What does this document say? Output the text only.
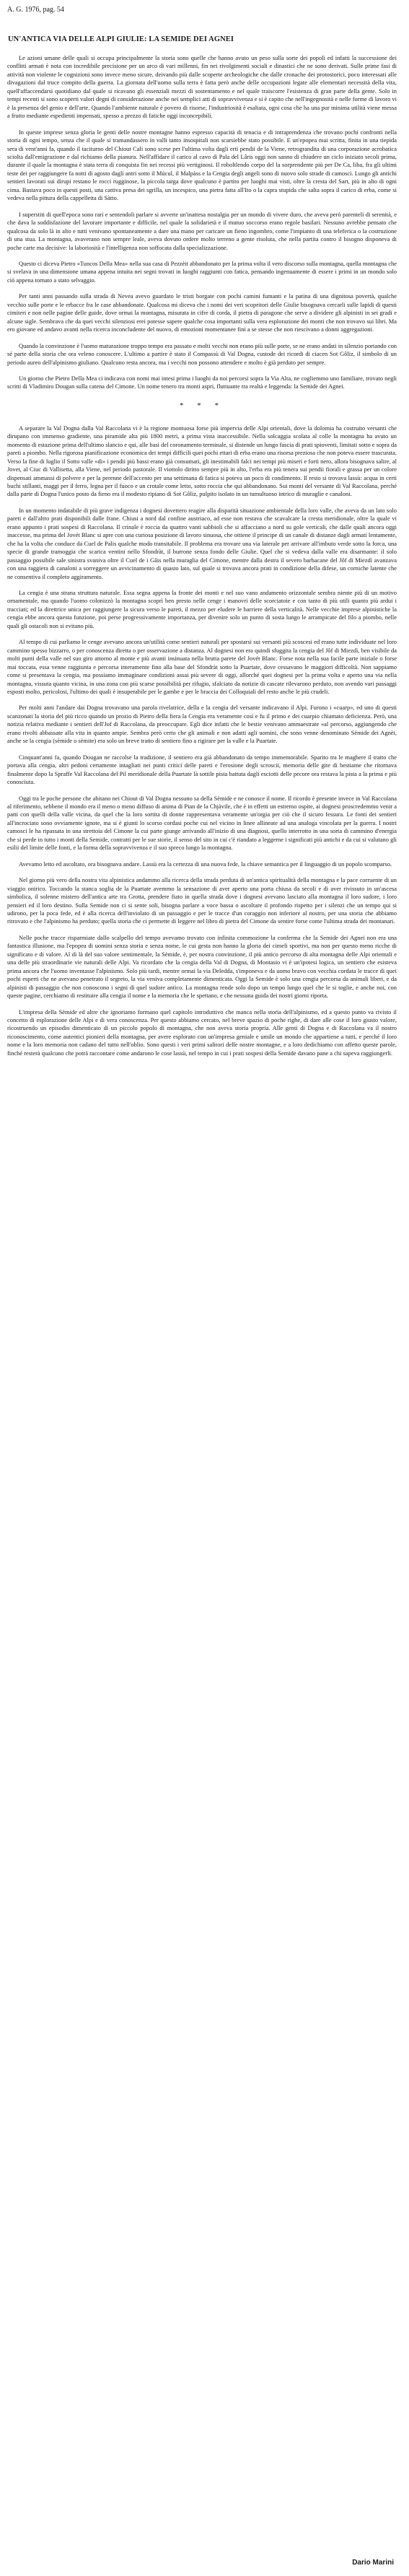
A. G. 1976, pag. 54
UN'ANTICA VIA DELLE ALPI GIULIE: LA SEMIDE DEI AGNEI

Le azioni umane delle quali si occupa principalmente la storia sono quelle che hanno avuto un peso sulla sorte dei popoli ed infatti la successione dei conflitti armati è nota con incredibile precisione per un arco di vari millenni, fin nei rivolgimenti sociali e dinastici che ne sono derivati. Sulle prime fasi di attività non violente le cognizioni sono invece meno sicure, deivando più dalle scoperte archeologiche che dalle cronache dei protostorici, poco interessati alle divagazioni dal truce compito della guerra. La giornata dell'uomo sulla terra è fatta però anche delle occupazioni legate alle elementari necessità della vita, quell'affaccendarsi quotidiano dal quale si ricavano gli essenziali mezzi di sostentamento e nel quale traiscorre l'esistenza di gran parte della gente. Solo in tempi recenti si sono scoperti valori degni di considerazione anche nei semplici atti di sopravvivenza e si è capito che nell'ingegnosità e nelle forme di lavoro vi è la presenza del genio e dell'arte. Quando l'ambiente naturale è povero di risorse, l'industriosità è esaltata, ogni cosa che ha una pur minima utilità viene messa a frutto mediante espedienti impensati, spesso a prezzo di fatiche oggi inconcepibili.

In queste imprese senza gloria le genti delle nostre montagne hanno espresso capacità di tenacia e di intraprendenza che trovano pochi confronti nella storia di ogni tempo, senza che il quale si tramandassero in valli tanto insospitali non scarsiebbe stato possibile. E un'epopea mai scritta, finita in una tiepida sera di vent'anni fa, quando il taciturno del Chiout Cali sono scese per l'ultima volta dagli erti pendii de la Viene, retrograndita di una corporazione acrobatica sciolta dall'emigrazione e dal richiamo della pianura. Nell'affidare il carico al cavo di Pala del Lâris oggi non sanno di chiudere un ciclo iniziato secoli prima, durante il quale la montagna è stata terra di conquista fin nei recessi più vertiginosi. Il roboltlendo corpo del la sorprendente più per De Ca, liba, fra gli ultimi teste dei per raggiungere fa notti di agosto dagli antri sotto il Múcul, il Malpàss e la Cengia degli angeli sono di nuovo solo strade di camosci. Lungo gli antichi sentieri lavorati sui dirupi restano le rocci rugginose, la piccola targa dove qualcuno è partito per luoghi mai visti, oltre la cresta del Sart, più in alto di ogni cima. Bastava poco in questi posti, una cattiva presa dei sgrilla, un incespico, una pietra fatta all'Ito o la capra stupida che salta sopra il carico di erba, come si vedeva nella pittura della cappelletta di Sàtto.

I superstiti di quell'epoca sono rari e sentendoli parlare si avverte un'inattesa nostalgia per un mondo di vivere duro, che aveva però parenteli di serenità, e che dava la soddisfazione del lavorare importante e difficile, nel quale la solidarietà e il mutuo soccorso erano regole basilari. Nessuno avrebbe pensato che qualcosa da solo là in alto e tutti venivano spontaneamente a dare una mano per caricare un fieno ingombro, come l'impianto di una teleferica o la costruzione di una stua. La montagna, avaverano non sempre leale, aveva dovuto ordere molto terreno a gente risoluta, che nella partita contro il bisogno disponeva di poche carte ma decisive: la laboriosità e l'intelligenza non soffocata dalla specializzazione.

Questo ci diceva Pietro «Tuncos Della Mea» nella sua casa di Pezzèit abbandonato per la prima volta il vero discorso sulla montagna, quella montagna che si svelava in una dimensione umana appena intuita nei segni trovati in luoghi raggiunti con fatica, pensando ingenuamente di essere i primi in un mondo solo ciò appena tornato a stato selvaggio.

Per tanti anni passando sulla strada di Nevea avevo guardato le tristi borgate con pochi camini fumanti e la patina di una dignitosa povertà, qualche vecchio sulle porte e le erbacce fra le case abbandonate. Qualcosa mi diceva che i nomi dei veri scopritori delle Giulie bisognava cercarli sulle lapidi di questi cimiteri e non nelle pagine delle guide, dove ormai la montagna, misurata in cifre di corda, il pietra di paragone che serve a dividere gli alpinisti in sei gradi e alcune sigle. Sembrava che da quei vecchi silenziosi erei potesse sapere qualche cosa importanti sulla vera esplorazione dei monti che non trovavo sui libri. Ma ero giovane ed andavo avanti nella ricerca inconcludente del nuovo, di emozioni momentanee fini a se stesse che non riescivano a donni aggregazioni.

Quando la convinzione è l'uomo maturazione troppo tempo era passato e molti vecchi non erano più sulle porte, se ne erano andati in silenzio portando con sé parte della storia che ora veleno conoscere. L'ultimo a partire è stato il Compassù di Val Dogna, custode dei ricordi di ciacen Sot Gôliz, il simbolo di un periodo aureo dell'alpinismo giuliano. Qualcuno resta ancora, ma i vecchi non possono attendere e molto è già perduto per sempre.

Un giorno che Pietro Della Mea ci indicava con nomi mai intesi prima i luoghi da noi percorsi sopra la Via Alta, ne cogliemmo uno familiare, trovato negli scritti di Vladimiro Dougan sulla catena del Cimone. Un nome tenero tra monti aspri, fluttuante tra realtà e leggenda: la Semide dei Agnei.

* * *

A separare la Val Dogna dalla Val Raccolana vi è la regione montuosa forse più impervia delle Alpi orientali, dove la dolomia ha costruito versanti che dirupano con immenso gradiente, una piramide alta più 1800 metri, a prima vista inaccessibile. Nella solcaggia scolata al colle la montagna ha avuto un momento di estazione prima dell'ultimo slancio e qui, alle basi del coronamento terminale, si distende un lungo fascia di prati spioventi, limitati sotto e sopra da pareti a piombo. Nella rigorosa pianificazione economica dei tempi difficili quei pochi ettari di erba erano una risorsa preziosa che non poteva essere trascurata. Verso la fine di luglio il Sotto valle «di» i pendii più bassi erano già consumati, gli inestimabili falci nei tempi più miseri e forti nero, allora bisognava salire, al Jovet, al Ciuc di Vallisetta, alla Viene, nel periodo pastorale. Il viottolo diritto sempre più in alto, l'erba era più tenera sui pendii fiorali e grassa per un colore dispensati ammassi di polvere e per la perenne dell'accento per una settimana di fatica si poteva un poco di condimento. Il resto si trovava lassù: acqua in certi buchi stillanti, maggi per il ferro, legna per il fuoco e un crotale come letto, sotto roccia che qui abbandonano. Sui monti del versante di Val Raccolana, perché dalla parte di Dogna l'unico posto da fieno era il modesto ripiano di Sot Gôliz, pulpito isolato in un tumultuoso intrico di muraglie e canaloni.

In un momento indatabile di più grave indigenza i dognesi dovettero reagire alla disparità situazione ambientale della loro valle, che aveva da un lato solo pareti e dall'altro prati disponibili dalle frane. Chiusi a nord dal confine austriaco, ad esse non restava che scavalcare la cresta meridionale, oltre la quale vi erano appunto i prati sospesi di Raccolana. Il crinale è roccia da quattro vanti sabbioli che si affacciano a nord su gole verticali, che dalle quali ancora oggi inaccesse, ma prima del Jovét Blanc si apre con una curiosa posizione di lavoro sinuosa, che ottiene il principe di un canale di distanze dagli armati lentamente, che ha la volta che conduce da Cuel de Palis qualche modo transitabile. Il problema era trovare una via laterale per arrivare all'imbuto verde sotto la forca, una specie di grande tramoggia che scarica ventini nello Sfondràt, il burrone senza fondo delle Giulie. Quel che si vedeva dalla valle era disarmante: il solo passaggio possibile sale sinistra svaniva oltre il Cuel de i Gâis nella muraglia del Cimone, mentre dalla destra il severo barbacane del Jôf di Miezdì avanzava con una raggiera di canaloni a sorreggere un avvicinamento di quasto lato, sul quale si trovava ancora prati in condizione della difese, un corniche latente che ne consentiva il completo aggiramento.

La cengia è una strana struttura naturale. Essa segna appena la fronte dei monti e nel suo vano andamento orizzontale sembra niente più di un motivo ornamentale, ma quando l'uomo colonizzò la montagna scoprì ben presto nelle cenge i manovri delle scorciatoie e con tanto di più utili quanto più ardui i tracciati; ed la direttrice unica per raggiungere la sicura verso le pareti, il mezzo per eludere le barriere della verticalità. Nelle vecchie imprese alpinistiche la cengia ebbe ancora questa funzione, poi perse progressivamente importanza, per divenire solo un punto di sosta lungo le arrampicate del filo a piombo, nelle quali gli ostacoli non si evitano più.

Al tempo di cui parliamo le cenge avevano ancora un'utilità come sentieri naturali per spostarsi sui versanti più scoscesi ed erano tutte individuate nel loro cammino spesso bizzarro, o per conoscenza diretta o per osservazione a distanza. Al dognesi non era quindi sfuggita la cengia del Jôf di Miezdì, ben visibile da molti punti della valle nel suo giro attorno al monte e più avanti insinuata nella brutta parete del Jovét Blanc. Forse nota nella sua facile parte iniziale o forse mai toccata, essa venne raggiunta e percorsa interamente fino alla base del Sfondràt sotto la Puartate, dove cessavano le maggiori difficoltà. Non sappiamo come si presentava la cengia, ma possiamo immaginare condizioni assai più severe di oggi, allorché quei dognesi per la prima volta e aperto una via nella montagna, vissuta quanto vicina, in una zona con più scarse possibilità per rifugio, sfalciato da notizie di cascate rilevarono perduto, non avendo vari passaggi esposti molto, pericolosi, l'ultimo dei quali è insuperabile per le gambe e per le braccia dei Colloquiali del resto anche le più crudeli.

Per molti anni l'andare dai Dogna trovavano una parola rivelatrice, della e la cengia del versante indicavano il Alpi. Furono i «cuarp», ed uno di questi scanzonati la storia del più ricco quando un prozio di Pietro della fiera la Cengia era veramente così e fu il primo e dei cuarpio chiamato deficienza. Però, una notizia relativa mediante i sentieri dell'Jof di Raccolana, da preoccupare. Egli dice infatti che le bestie venivano ammaestrate «al percorso, aggiungendo che erano rivolti abbassate alla vita in quanto ampie. Sembra però certo che gli animali e non adatti agli uomini, che sono venne denominato Sèmide dei Agnèi, anche se la cengia (sèmide o sèmite) era solo un breve tratto di sentiero fino a rigirare per la valle e la Puartate.

Cinquant'anni fa, quando Dougan ne raccolse la tradizione, il sentiero era già abbandonato da tempo immemorabile. Sparito tra le maghere il tratto che portava alla cengia, altri pedoni certamente intagliati nei punti critici delle pareti e l'erosione degli scroscii, memoria delle gite di bestiame che ritornava finalmente dopo la Spraffe Val Raccolana del Pil meridionale della Puartate là sottile pista battuta dagli esciotti delle pecore ora restava la pista a la prima e più conosciuta.

Oggi tra le poche persone che abitano nei Chiout di Val Dogna nessuno sa della Sèmide e ne conosce il nome. Il ricordo è presente invece in Val Raccolana al riferimento, sebbene il mondo era il meno o meno diffuso di anima di Pian de la Chjàvile, che è in effetti un estremo ospite, ai dognesi proscredemmo venir a patti con quelli della valle vicina, da quel che la loro sortita di donne rappresentava veramente un'orgia per ciò che il sicuro fessura. Le fonti dei sentieri all'incrociato sono ovviamente ignote, ma si è giunti lo scorso cordasi poche cui nel vicino in linee allineate ad una analoga vincolata per la guerra. I nostri camosci le ha ripassata in una strettoia del Cimone la cui parte giunge arrivando all'inizio di una diagnosi, quello interrotto in una sorta di cammino d'energia che si perde in tutto i monti della Semide, contratti per le sue storie, il senso del sito in cui c'è riandato a leggerne i significati più antichi e da cui si valutano gli esilii del limite delle fonti, e la forma della sopravvivenza e il suo spreco lungo la montagna.

Avevamo letto ed ascoltato, ora bisognava andare. Lassù era la certezza di una nuova fede, la chiave semantica per il linguaggio di un popolo scomparso.

Nel giorno più vero della nostra vita alpinistica andammo alla ricerca della strada perduta di un'antica spiritualità della montagna e la pace corruente di un viaggio onirico. Toccando la stanca soglia de la Puartate avemmo la sensazione di aver aperto una porta chiusa da secoli e di aver rivissuto in un'ascesa simbolica, il solenne mistero dell'antica arte tra Grotta, prendere fiato in quella strada dove i dognesi avevano lasciato alla montagna il loro sudore, i loro pensieri ed il loro destino. Sulla Semide non ci si sente soli, bisogna parlare a voce bassa o ascoltare il profondo rispetto per i silenzi che un tempo qui si udirono, per la poca fede, ed è alla ricerca dell'inviolato di un passaggio e per le tracce d'un coraggio non inferiore al nostro, per una storia che abbiamo ritrovato e che l'alpinismo ha perduto; quella storia che ci permette di leggere nel libro di pietra del Cimone da sentire forse come l'ultima strada dei montanari.

Nelle poche tracce risparmiate dallo scalpello del tempo avevamo trovato con infinita commozione la conferma che la Semide dei Agnei non era una fantastica illusione, ma l'epopea di uomini senza storia e senza nome, le cui gesta non hanno la gloria dei cimeli sportivi, ma non per questo meno ricche di significato e di valore. Al di là del suo valore sentimentale, la Sèmide, è, per nostra convinzione, il più antico percorso di alta montagna delle Alpi orientali e una delle più straordinarie vie naturali delle Alpi. Va ricordato che la cengia della Val di Dogna, di Montasio vi è un'ipotesi logica, un sentiero che esisteva prima ancora che l'uomo inventasse l'alpinismo. Solo più tardi, mentre ormai la via Deledda, s'imponeva e da uomo bravo con vecchia cordata le tracce di quei pochi esperti che ne avevano penetrato il segreto, la via veniva completamente dimenticata. Oggi la Semide è solo una cengia percorsa da animali liberi, e da alpinisti di passaggio che non conoscono i segni di quel sudore antico. La montagna rende solo dopo un tempo lungo quel che le si toglie, e anche noi, con queste pagine, cerchiamo di restituire alla cengia il nome e la memoria che le spettano, e che nessuna guida dei nostri giorni riporta.

L'impresa della Sèmide ed altre che ignoriamo formano quel capitolo introduttivo che manca nella storia dell'alpinismo, ed a questo punto va rivisto il concetto di esplorazione delle Alpi e di vera conoscenza. Per questo abbiamo cercato, nel breve spazio di poche righe, di dare alle cose il loro giusto valore, ricostruendo un episodio dimenticato di un piccolo popolo di montagna, che non aveva storia propria. Alle genti di Dogna e di Raccolana va il nostro riconoscimento, come autentici pionieri della montagna, per avere esplorato con un'impresa geniale e umile un mondo che appartiene a tutti, e perché il loro nome e la loro memoria non cadano del tutto nell'oblio. Sono questi i veri primi salitori delle nostre montagne, e a loro dedichiamo con affetto queste parole, finché resterà qualcuno che potrà raccontare come andarono le cose lassù, nel tempo in cui i prati sospesi della Semide davano pane a chi sapeva raggiungerli.

Dario Marini
